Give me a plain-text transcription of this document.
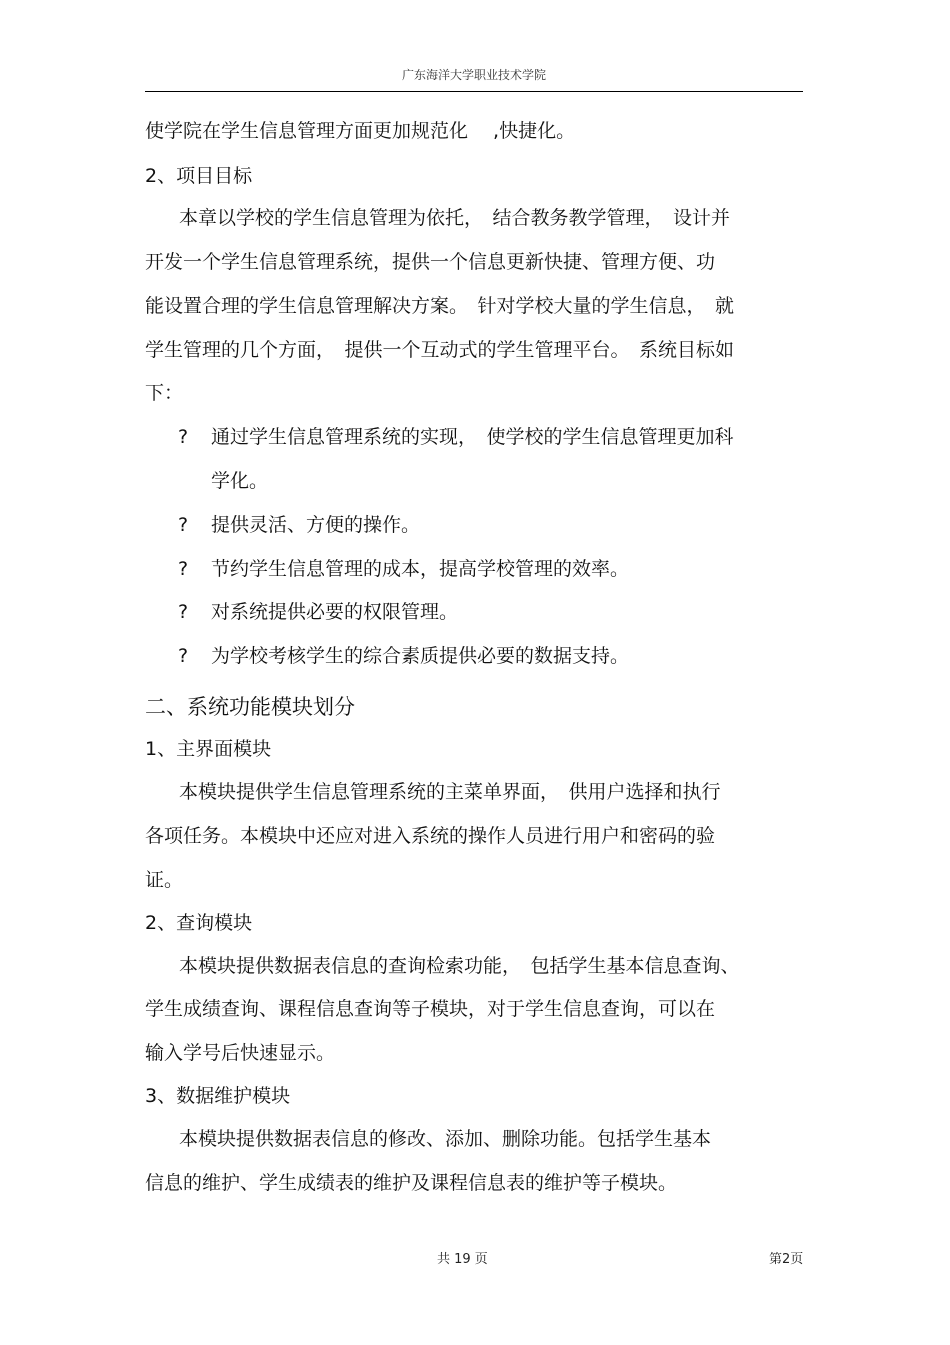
广东海洋大学职业技术学院
使学院在学生信息管理方面更加规范化　 ,快捷化。
2、项目目标
　本章以学校的学生信息管理为依托，　结合教务教学管理，　设计并
开发一个学生信息管理系统，提供一个信息更新快捷、管理方便、功
能设置合理的学生信息管理解决方案。　针对学校大量的学生信息，　就
学生管理的几个方面，　提供一个互动式的学生管理平台。　系统目标如
下：
? 通过学生信息管理系统的实现，　使学校的学生信息管理更加科
学化。
? 提供灵活、方便的操作。
? 节约学生信息管理的成本，提高学校管理的效率。
? 对系统提供必要的权限管理。
? 为学校考核学生的综合素质提供必要的数据支持。
二、系统功能模块划分
1、主界面模块
　本模块提供学生信息管理系统的主菜单界面，　供用户选择和执行
各项任务。本模块中还应对进入系统的操作人员进行用户和密码的验
证。
2、查询模块
　本模块提供数据表信息的查询检索功能，　包括学生基本信息查询、
学生成绩查询、课程信息查询等子模块，对于学生信息查询，可以在
输入学号后快速显示。
3、数据维护模块
　本模块提供数据表信息的修改、添加、删除功能。包括学生基本
信息的维护、学生成绩表的维护及课程信息表的维护等子模块。
共 19 页	第2页
